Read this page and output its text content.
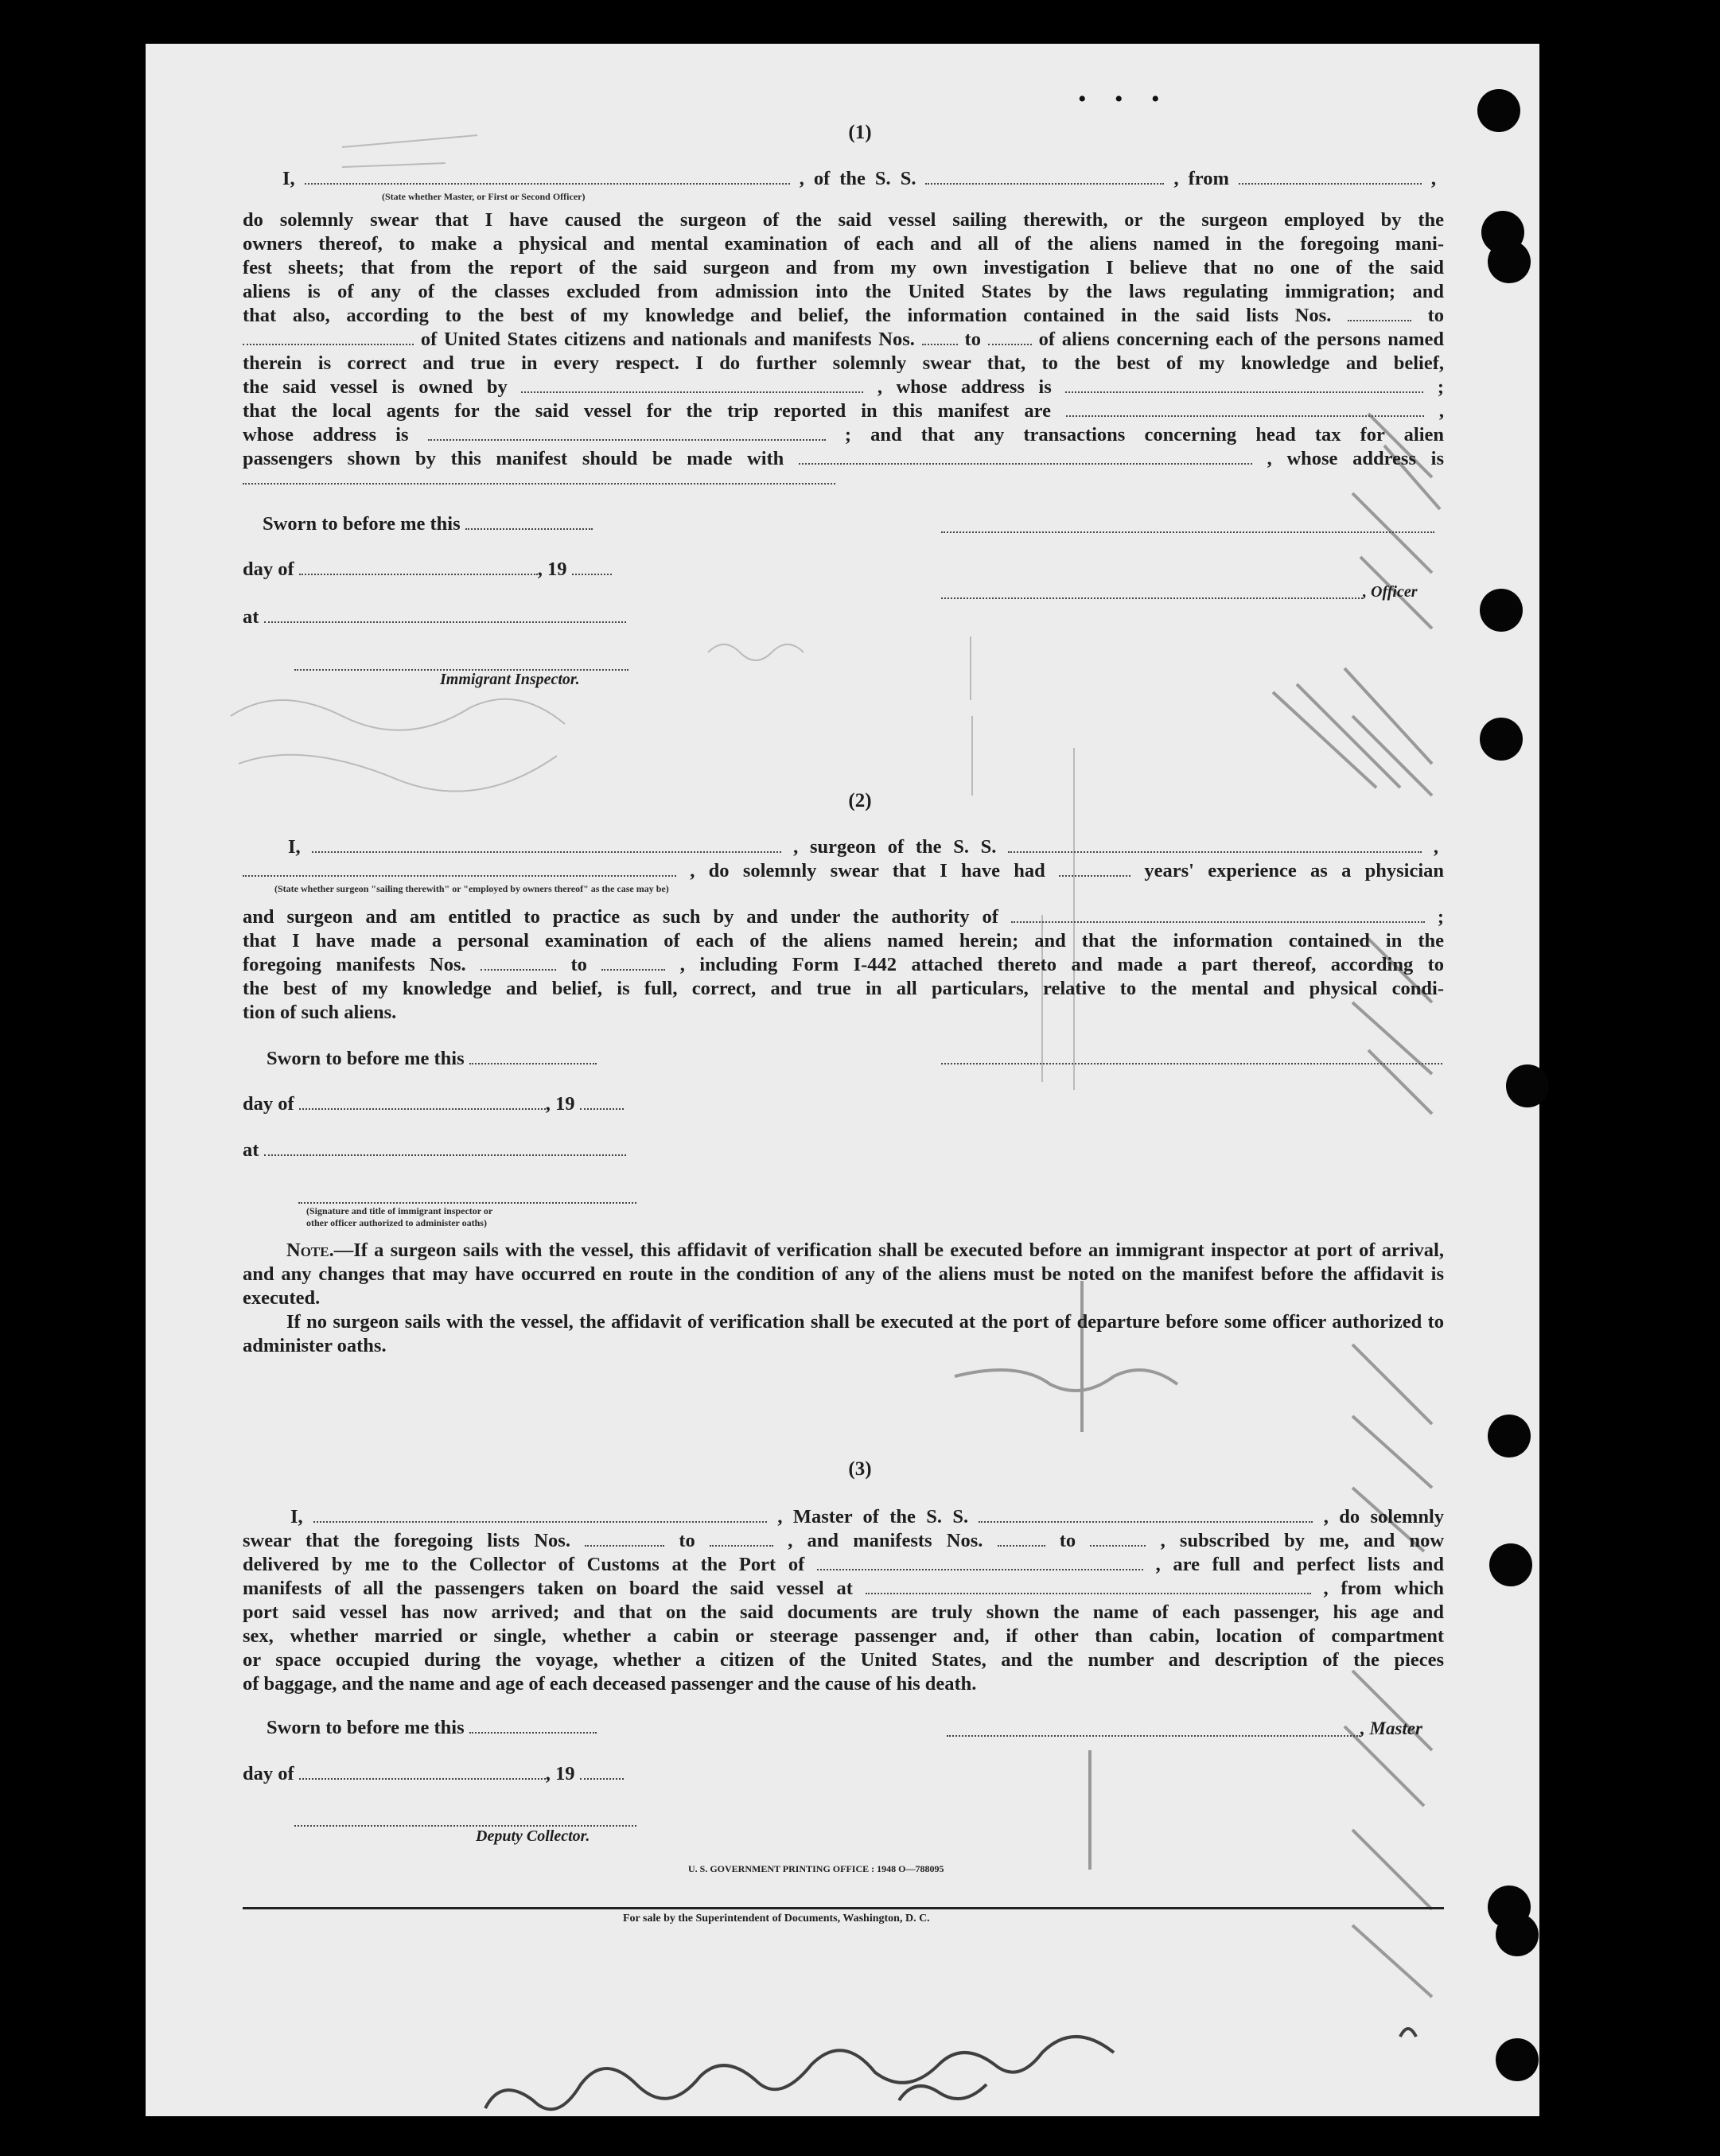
• • •
(1)

I,	, of the S. S.	, from	,

(State whether Master, or First or Second Officer)

do solemnly swear that I have caused the surgeon of the said vessel sailing therewith, or the surgeon employed by the

owners thereof, to make a physical and mental examination of each and all of the aliens named in the foregoing mani-

fest sheets; that from the report of the said surgeon and from my own investigation I believe that no one of the said

aliens is of any of the classes excluded from admission into the United States by the laws regulating immigration; and

that also, according to the best of my knowledge and belief, the information contained in the said lists Nos.	to

of United States citizens and nationals and manifests Nos.	to	of aliens concerning each of the persons named

therein is correct and true in every respect. I do further solemnly swear that, to the best of my knowledge and belief,

the said vessel is owned by	, whose address is	;

that the local agents for the said vessel for the trip reported in this manifest are	,

whose address is	; and that any transactions concerning head tax for alien

passengers shown by this manifest should be made with	, whose address is

Sworn to before me this
day of	, 19
, Officer
at
Immigrant Inspector.
(2)

I,	, surgeon of the S. S.	,

, do solemnly swear that I have had	years' experience as a physician

(State whether surgeon "sailing therewith" or "employed by owners thereof" as the case may be)

and surgeon and am entitled to practice as such by and under the authority of	;

that I have made a personal examination of each of the aliens named herein; and that the information contained in the

foregoing manifests Nos.	to	, including Form I-442 attached thereto and made a part thereof, according to

the best of my knowledge and belief, is full, correct, and true in all particulars, relative to the mental and physical condi-

tion of such aliens.

Sworn to before me this
day of	, 19
at
(Signature and title of immigrant inspector or
other officer authorized to administer oaths)

Note.—If a surgeon sails with the vessel, this affidavit of verification shall be executed before an immigrant inspector at port of arrival, and any changes that may have occurred en route in the condition of any of the aliens must be noted on the manifest before the affidavit is executed.

If no surgeon sails with the vessel, the affidavit of verification shall be executed at the port of departure before some officer authorized to administer oaths.

(3)

I,	, Master of the S. S.	, do solemnly

swear that the foregoing lists Nos.	to	, and manifests Nos.	to	, subscribed by me, and now

delivered by me to the Collector of Customs at the Port of	, are full and perfect lists and

manifests of all the passengers taken on board the said vessel at	, from which

port said vessel has now arrived; and that on the said documents are truly shown the name of each passenger, his age and

sex, whether married or single, whether a cabin or steerage passenger and, if other than cabin, location of compartment

or space occupied during the voyage, whether a citizen of the United States, and the number and description of the pieces

of baggage, and the name and age of each deceased passenger and the cause of his death.

Sworn to before me this	, Master
day of	, 19
Deputy Collector.
U. S. GOVERNMENT PRINTING OFFICE : 1948 O—788095
For sale by the Superintendent of Documents, Washington, D. C.
